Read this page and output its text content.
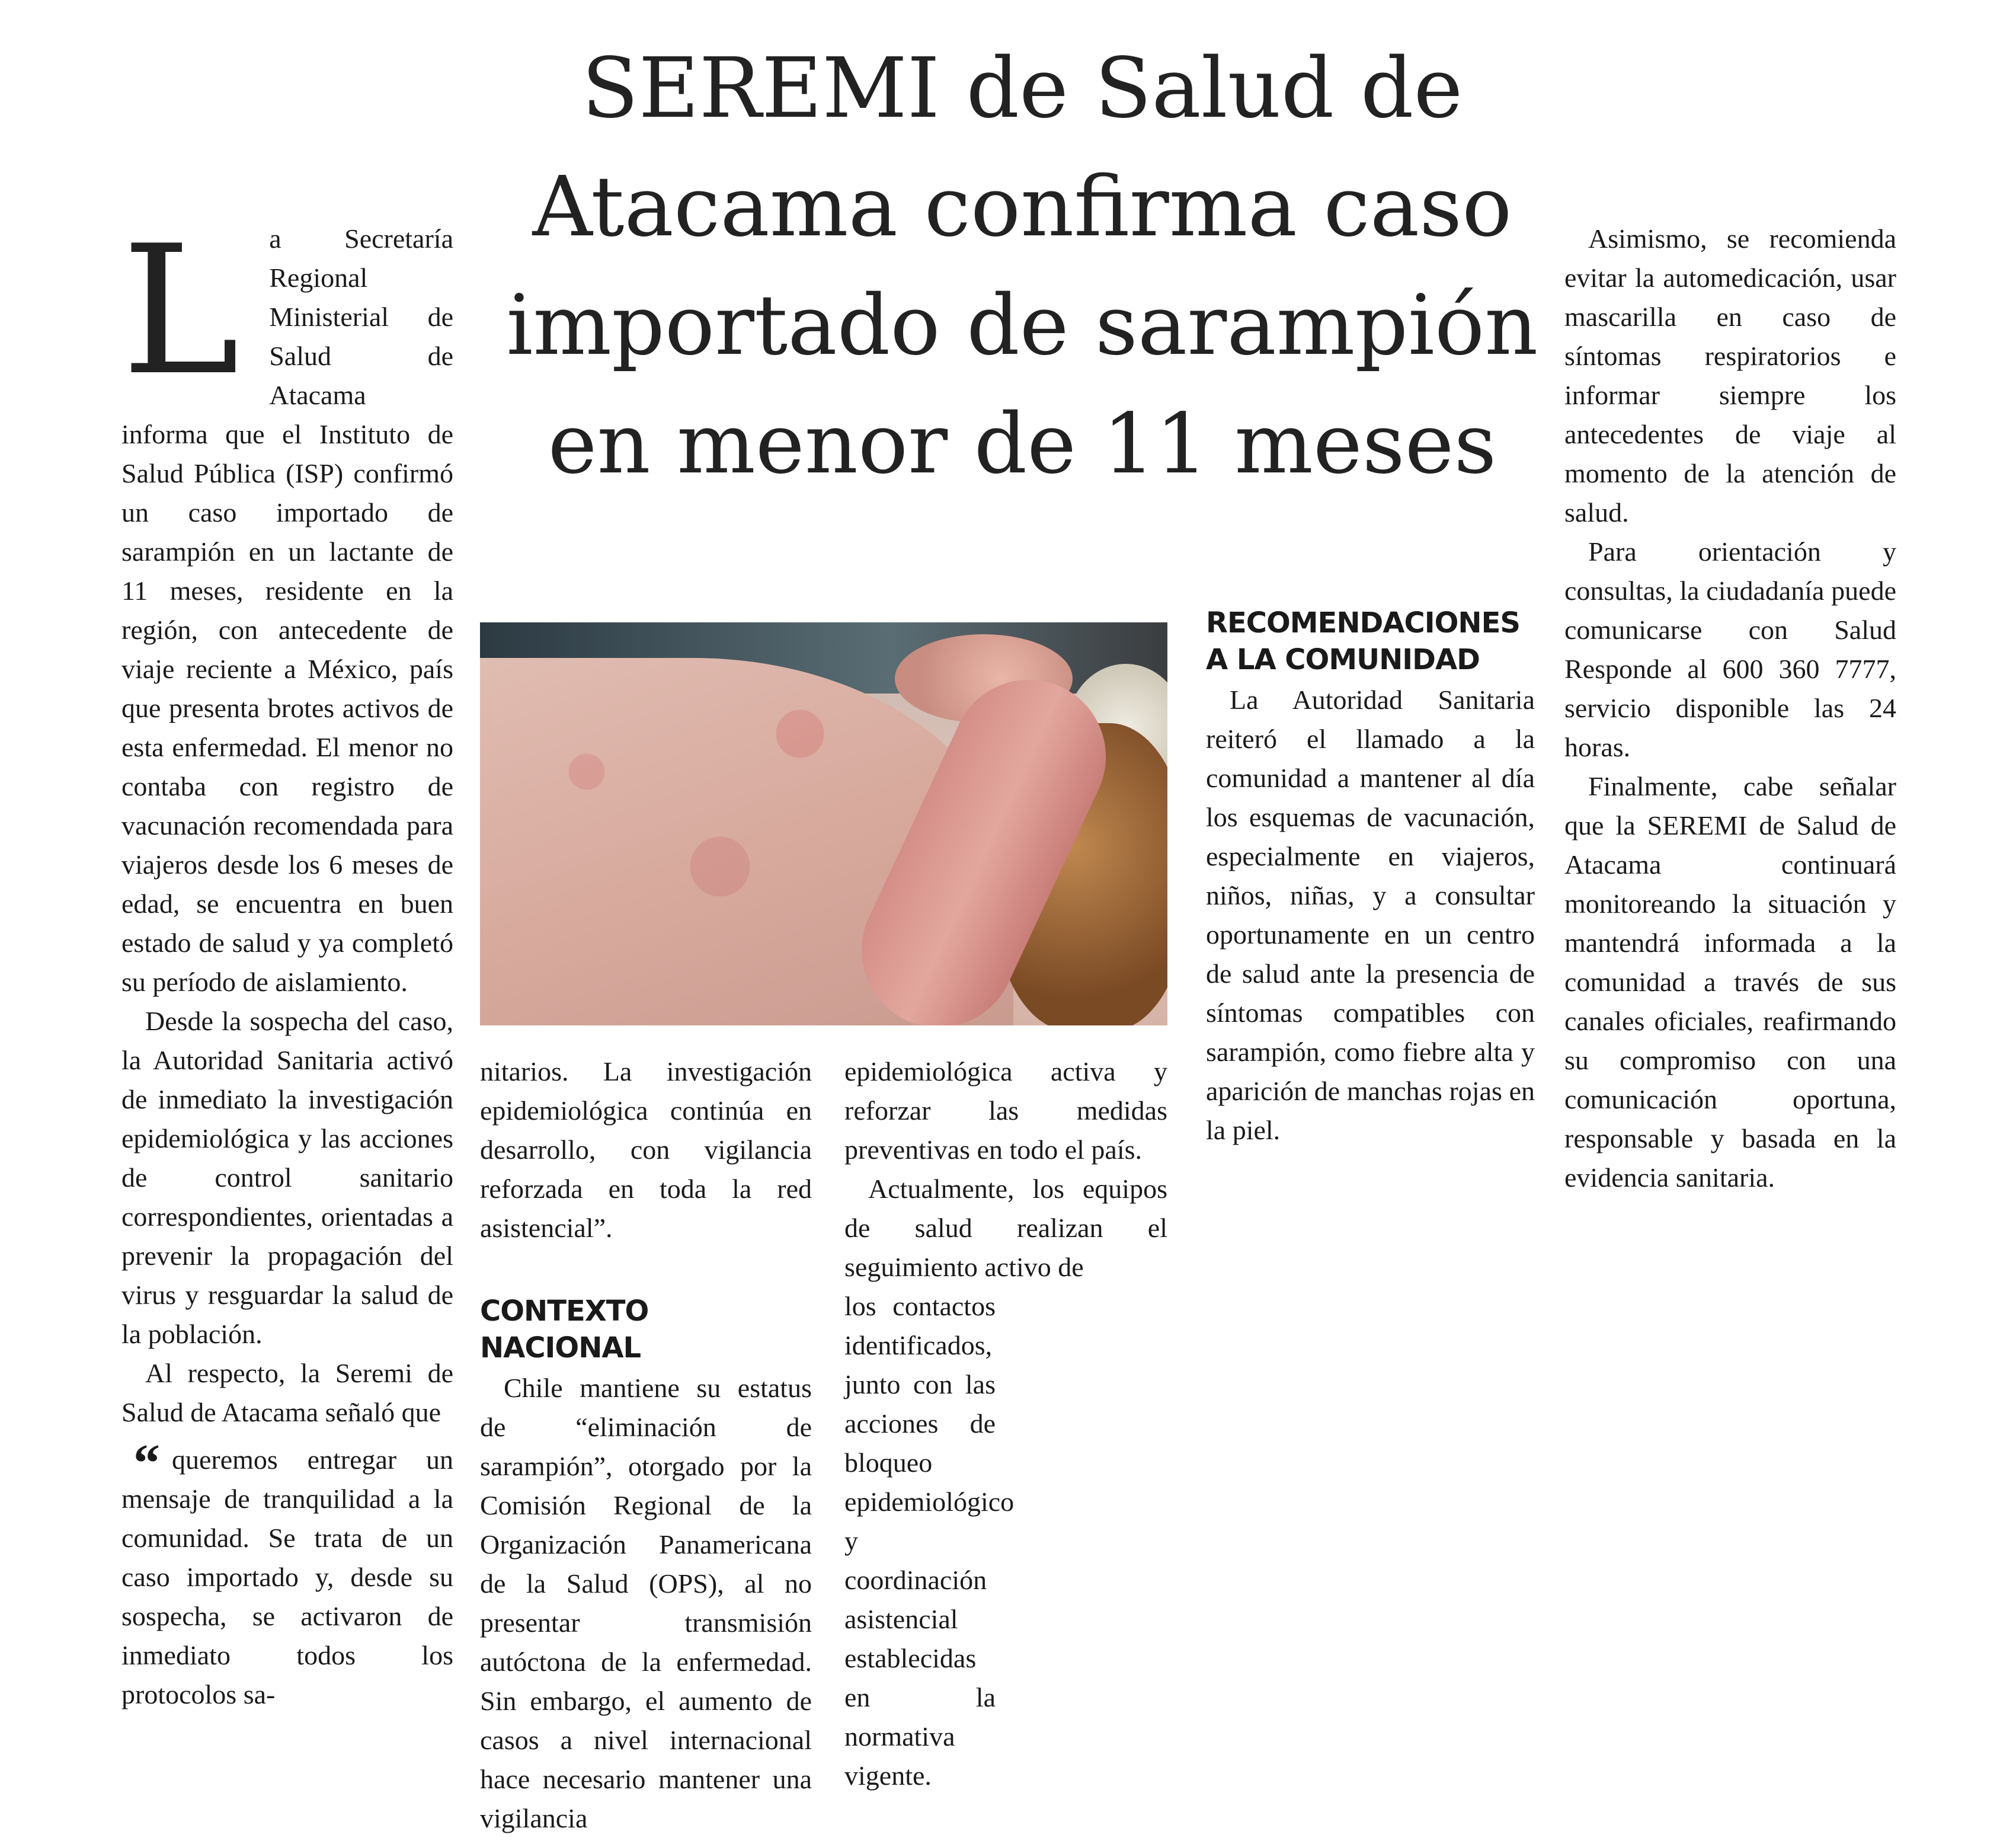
SEREMI de Salud de Atacama confirma caso importado de sarampión en menor de 11 meses

L a Secretaría Regional Ministerial de Salud de Atacama informa que el Instituto de Salud Pública (ISP) confirmó un caso importado de sarampión en un lactante de 11 meses, residente en la región, con antecedente de viaje reciente a México, país que presenta brotes activos de esta enfermedad. El menor no contaba con registro de vacunación recomendada para viajeros desde los 6 meses de edad, se encuentra en buen estado de salud y ya completó su período de aislamiento.

Desde la sospecha del caso, la Autoridad Sanitaria activó de inmediato la investigación epidemiológica y las acciones de control sanitario correspondientes, orientadas a prevenir la propagación del virus y resguardar la salud de la población.

Al respecto, la Seremi de Salud de Atacama señaló que

“ queremos entregar un mensaje de tranquilidad a la comunidad. Se trata de un caso importado y, desde su sospecha, se activaron de inmediato todos los protocolos sa-

nitarios. La investigación epidemiológica continúa en desarrollo, con vigilancia reforzada en toda la red asistencial”.

CONTEXTO NACIONAL

Chile mantiene su estatus de “eliminación de sarampión”, otorgado por la Comisión Regional de la Organización Panamericana de la Salud (OPS), al no presentar transmisión autóctona de la enfermedad. Sin embargo, el aumento de casos a nivel internacional hace necesario mantener una vigilancia

epidemiológica activa y reforzar las medidas preventivas en todo el país.

Actualmente, los equipos de salud realizan el seguimiento activo de

los contactos identificados, junto con las acciones de bloqueo epidemiológico y coordinación asistencial establecidas en la normativa vigente.

RECOMENDACIONES A LA COMUNIDAD

La Autoridad Sanitaria reiteró el llamado a la comunidad a mantener al día los esquemas de vacunación, especialmente en viajeros, niños, niñas, y a consultar oportunamente en un centro de salud ante la presencia de síntomas compatibles con sarampión, como fiebre alta y aparición de manchas rojas en la piel.

Asimismo, se recomienda evitar la automedicación, usar mascarilla en caso de síntomas respiratorios e informar siempre los antecedentes de viaje al momento de la atención de salud.

Para orientación y consultas, la ciudadanía puede comunicarse con Salud Responde al 600 360 7777, servicio disponible las 24 horas.

Finalmente, cabe señalar que la SEREMI de Salud de Atacama continuará monitoreando la situación y mantendrá informada a la comunidad a través de sus canales oficiales, reafirmando su compromiso con una comunicación oportuna, responsable y basada en la evidencia sanitaria.
